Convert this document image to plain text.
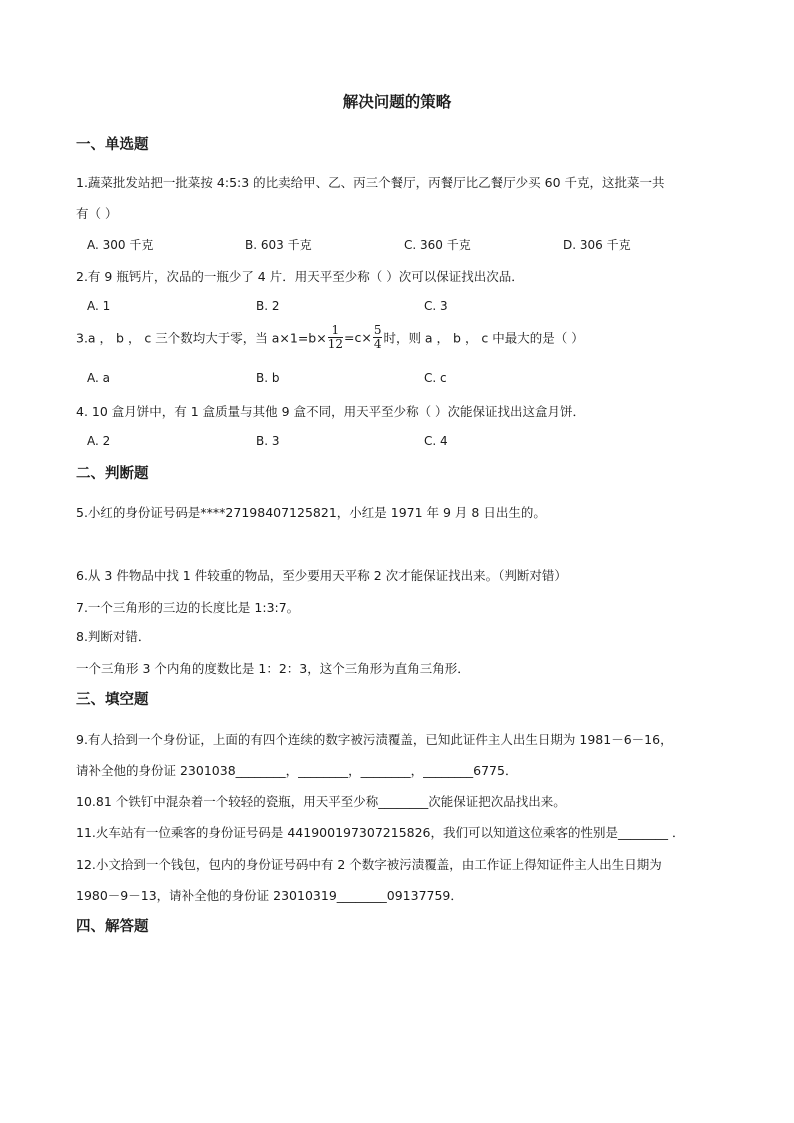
解决问题的策略
一、单选题
1.蔬菜批发站把一批菜按 4:5:3 的比卖给甲、乙、丙三个餐厅，丙餐厅比乙餐厅少买 60 千克，这批菜一共
有（ ）
A. 300 千克	B. 603 千克	C. 360 千克	D. 306 千克
2.有 9 瓶钙片，次品的一瓶少了 4 片．用天平至少称（ ）次可以保证找出次品．
A. 1	B. 2	C. 3
3.a ， b ， c 三个数均大于零，当 $a\times 1=b\times \frac{1}{12} =c\times \frac{5}{4}$ 时，则 a ， b ， c 中最大的是（ ）
A. a	B. b	C. c
4. 10 盒月饼中，有 1 盒质量与其他 9 盒不同，用天平至少称（ ）次能保证找出这盒月饼．
A. 2	B. 3	C. 4
二、判断题
5.小红的身份证号码是****27198407125821，小红是 1971 年 9 月 8 日出生的。
6.从 3 件物品中找 1 件较重的物品，至少要用天平称 2 次才能保证找出来。（判断对错）
7.一个三角形的三边的长度比是 1:3:7。
8.判断对错．
一个三角形 3 个内角的度数比是 1：2：3，这个三角形为直角三角形．
三、填空题
9.有人拾到一个身份证，上面的有四个连续的数字被污渍覆盖，已知此证件主人出生日期为 1981－6－16，
请补全他的身份证 2301038________，________，________，________6775．
10.81 个铁钉中混杂着一个较轻的瓷瓶，用天平至少称________次能保证把次品找出来。
11.火车站有一位乘客的身份证号码是 441900197307215826，我们可以知道这位乘客的性别是________ ．
12.小文拾到一个钱包，包内的身份证号码中有 2 个数字被污渍覆盖，由工作证上得知证件主人出生日期为
1980－9－13，请补全他的身份证 23010319________09137759．
四、解答题
